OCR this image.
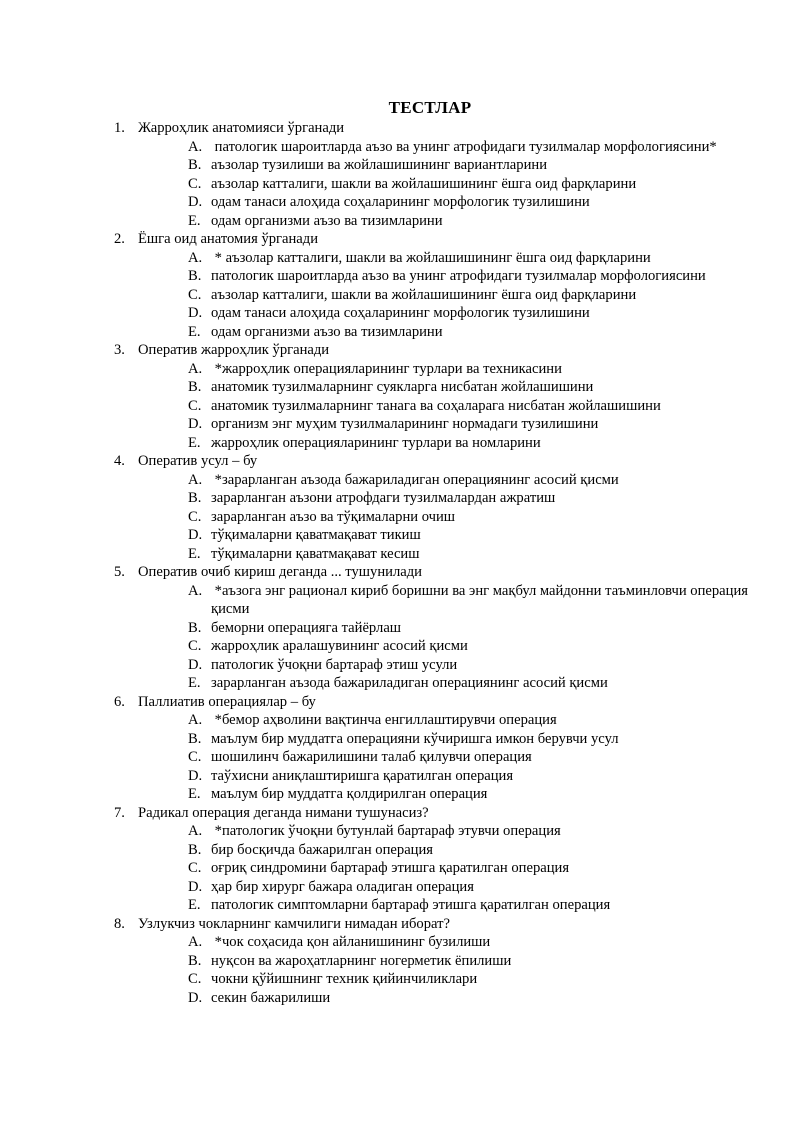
ТЕСТЛАР
1. Жарроҳлик анатомияси ўрганади
A. патологик шароитларда аъзо ва унинг атрофидаги тузилмалар морфологиясини*
B. аъзолар тузилиши ва жойлашишининг вариантларини
C. аъзолар катталиги, шакли ва жойлашишининг ёшга оид фарқларини
D. одам танаси алоҳида соҳаларининг морфологик тузилишини
E. одам организми аъзо ва тизимларини
2. Ёшга оид анатомия ўрганади
A. * аъзолар катталиги, шакли ва жойлашишининг ёшга оид фарқларини
B. патологик шароитларда аъзо ва унинг атрофидаги тузилмалар морфологиясини
C. аъзолар катталиги, шакли ва жойлашишининг ёшга оид фарқларини
D. одам танаси алоҳида соҳаларининг морфологик тузилишини
E. одам организми аъзо ва тизимларини
3. Оператив жарроҳлик ўрганади
A. *жарроҳлик операцияларининг турлари ва техникасини
B. анатомик тузилмаларнинг суякларга нисбатан жойлашишини
C. анатомик тузилмаларнинг танага ва соҳаларага нисбатан жойлашишини
D. организм энг муҳим тузилмаларининг нормадаги тузилишини
E. жарроҳлик операцияларининг турлари ва номларини
4. Оператив усул – бу
A. *зарарланган аъзода бажариладиган операциянинг асосий қисми
B. зарарланган аъзони атрофдаги тузилмалардан ажратиш
C. зарарланган аъзо ва тўқималарни очиш
D. тўқималарни қаватмақават тикиш
E. тўқималарни қаватмақават кесиш
5. Оператив очиб кириш деганда ... тушунилади
A. *аъзога энг рационал кириб боришни ва энг мақбул майдонни таъминловчи операция қисми
B. беморни операцияга тайёрлаш
C. жарроҳлик аралашувининг асосий қисми
D. патологик ўчоқни бартараф этиш усули
E. зарарланган аъзода бажариладиган операциянинг асосий қисми
6. Паллиатив операциялар – бу
A. *бемор аҳволини вақтинча енгиллаштирувчи операция
B. маълум бир муддатга операцияни кўчиришга имкон берувчи усул
C. шошилинч бажарилишини талаб қилувчи операция
D. таўхисни аниқлаштиришга қаратилган операция
E. маълум бир муддатга қолдирилган операция
7. Радикал операция деганда нимани тушунасиз?
A. *патологик ўчоқни бутунлай бартараф этувчи операция
B. бир босқичда бажарилган операция
C. оғриқ синдромини бартараф этишга қаратилган операция
D. ҳар бир хирург бажара оладиган операция
E. патологик симптомларни бартараф этишга қаратилган операция
8. Узлукчиз чокларнинг камчилиги нимадан иборат?
A. *чок соҳасида қон айланишининг бузилиши
B. нуқсон ва жароҳатларнинг ногерметик ёпилиши
C. чокни қўйишнинг техник қийинчиликлари
D. секин бажарилиши
